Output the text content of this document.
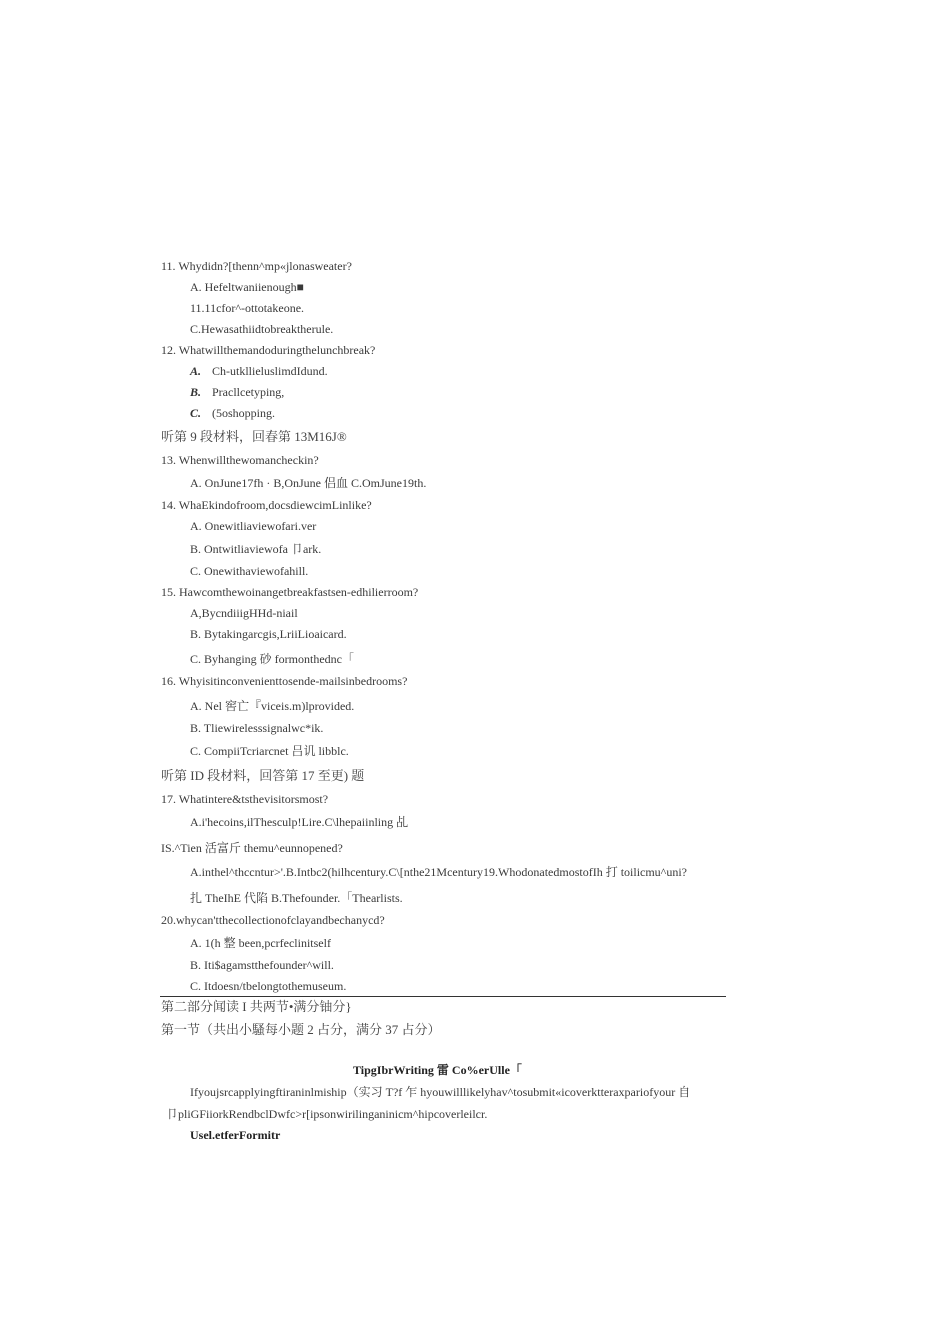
11. Whydidn?[thenn^mp«jlonasweater?
A. Hefeltwaniienough■
11.11cfor^-ottotakeone.
C.Hewasathiidtobreaktherule.
12. Whatwillthemandoduringthelunchbreak?
A. Ch-utkllieluslimdIdund.
B. Pracllcetyping,
C. (5oshopping.
听第 9 段材料，回春第 13M16J®
13. Whenwillthewomancheckin?
A. OnJune17fh · B,OnJune 侣血 C.OmJune19th.
14. WhaEkindofroom,docsdiewcimLinlike?
A. Onewitliaviewofari.ver
B. Ontwitliaviewofa 卩ark.
C. Onewithaviewofahill.
15. Hawcomthewoinangetbreakfastsen-edhilierroom?
A,BycndiiigHHd-niail
B. Bytakingarcgis,LriiLioaicard.
C. Byhanging 砂 formonthednc「
16. Whyisitinconvenienttosende-mailsinbedrooms?
A. Nel 窖亡『viceis.m)lprovided.
B. Tliewirelesssignalwc*ik.
C. CompiiTcriarcnet 吕讥 libblc.
听第 ID 段材料，回答第 17 至更) 题
17. Whatintere&tsthevisitorsmost?
A.i'hecoins,ilThesculp!Lire.C\lhepaiinling 乩
IS.^Tien 活富斤 themu^eunnopened?
A.inthel^thccntur>'.B.Intbc2(hilhcentury.C\[nthe21Mcentury19.WhodonatedmostofIh 打 toilicmu^uni?
扎 TheIhE 代陷 B.Thefounder.「Thearlists.
20.whycan'tthecollectionofclayandbechanycd?
A. 1(h 整 been,pcrfeclinitself
B. Iti$agamstthefounder^will.
C. Itdoesn/tbelongtothemuseum.
第二部分闻读 I 共两节•满分铀分}
第一节（共出小騷每小题 2 占分，满分 37 占分）
TipgIbrWriting 雷 Co%erUlle「
Ifyoujsrcapplyingftiraninlmiship（实习 T?f 乍 hyouwilllikelyhav^tosubmit«icoverktteraxpariofyour 自
卩pliGFiiorkRendbclDwfc>r[ipsonwirilinganinicm^hipcoverleilcr.
Usel.etferFormitr
